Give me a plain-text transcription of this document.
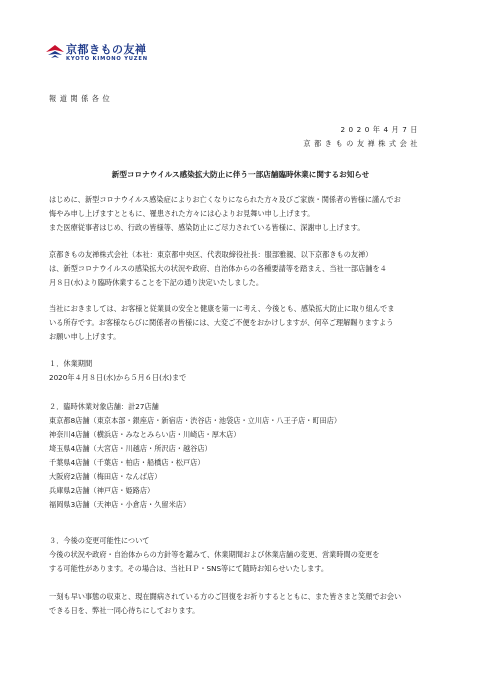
京都きもの友禅
KYOTO KIMONO YUZEN
報道関係各位
2020年4月7日
京都きもの友禅株式会社
新型コロナウイルス感染拡大防止に伴う一部店舗臨時休業に関するお知らせ
はじめに、新型コロナウイルス感染症によりお亡くなりになられた方々及びご家族・関係者の皆様に謹んでお
悔やみ申し上げますとともに、罹患された方々には心よりお見舞い申し上げます。
また医療従事者はじめ、行政の皆様等、感染防止にご尽力されている皆様に、深謝申し上げます。
京都きもの友禅株式会社（本社：東京都中央区、代表取締役社長：服部雅親、以下京都きもの友禅）
は、新型コロナウイルスの感染拡大の状況や政府、自治体からの各種要請等を踏まえ、当社一部店舗を４
月８日(水)より臨時休業することを下記の通り決定いたしました。
当社におきましては、お客様と従業員の安全と健康を第一に考え、今後とも、感染拡大防止に取り組んでま
いる所存です。お客様ならびに関係者の皆様には、大変ご不便をおかけしますが、何卒ご理解賜りますよう
お願い申し上げます。
１．休業期間
2020年４月８日(水)から５月６日(水)まで
２．臨時休業対象店舗：計27店舗
東京都8店舗（東京本部・銀座店・新宿店・渋谷店・池袋店・立川店・八王子店・町田店）
神奈川4店舗（横浜店・みなとみらい店・川崎店・厚木店）
埼玉県4店舗（大宮店・川越店・所沢店・越谷店）
千葉県4店舗（千葉店・柏店・船橋店・松戸店）
大阪府2店舗（梅田店・なんば店）
兵庫県2店舗（神戸店・姫路店）
福岡県3店舗（天神店・小倉店・久留米店）
３．今後の変更可能性について
今後の状況や政府・自治体からの方針等を鑑みて、休業期間および休業店舗の変更、営業時間の変更を
する可能性があります。その場合は、当社ＨＰ・SNS等にて随時お知らせいたします。
一刻も早い事態の収束と、現在闘病されている方のご回復をお祈りするとともに、また皆さまと笑顔でお会い
できる日を、弊社一同心待ちにしております。
